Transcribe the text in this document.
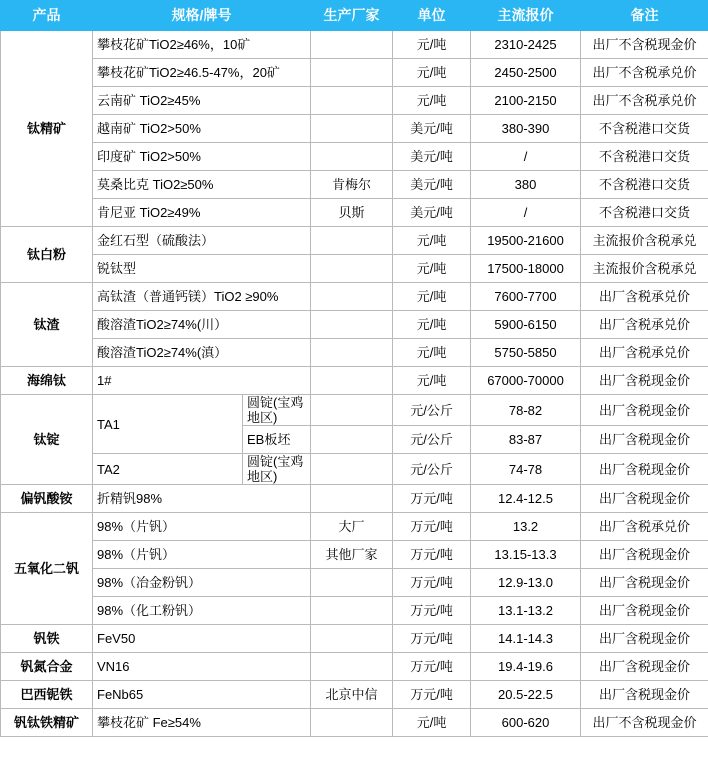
产品	规格/牌号		生产厂家	单位	主流报价	备注
钛精矿	攀枝花矿TiO2≥46%，10矿			元/吨	2310-2425	出厂不含税现金价
	攀枝花矿TiO2≥46.5-47%，20矿			元/吨	2450-2500	出厂不含税承兑价
	云南矿 TiO2≥45%			元/吨	2100-2150	出厂不含税承兑价
	越南矿 TiO2>50%			美元/吨	380-390	不含税港口交货
	印度矿 TiO2>50%			美元/吨	/	不含税港口交货
	莫桑比克 TiO2≥50%		肯梅尔	美元/吨	380	不含税港口交货
	肯尼亚 TiO2≥49%		贝斯	美元/吨	/	不含税港口交货
钛白粉	金红石型（硫酸法）			元/吨	19500-21600	主流报价含税承兑
	锐钛型			元/吨	17500-18000	主流报价含税承兑
钛渣	高钛渣（普通钙镁）TiO2 ≥90%			元/吨	7600-7700	出厂含税承兑价
	酸溶渣TiO2≥74%(川）			元/吨	5900-6150	出厂含税承兑价
	酸溶渣TiO2≥74%(滇）			元/吨	5750-5850	出厂含税承兑价
海绵钛	1#			元/吨	67000-70000	出厂含税现金价
钛锭	TA1	圆锭(宝鸡地区)		元/公斤	78-82	出厂含税现金价
		EB板坯		元/公斤	83-87	出厂含税现金价
	TA2	圆锭(宝鸡地区)		元/公斤	74-78	出厂含税现金价
偏钒酸铵	折精钒98%			万元/吨	12.4-12.5	出厂含税现金价
五氧化二钒	98%（片钒）		大厂	万元/吨	13.2	出厂含税承兑价
	98%（片钒）		其他厂家	万元/吨	13.15-13.3	出厂含税现金价
	98%（冶金粉钒）			万元/吨	12.9-13.0	出厂含税现金价
	98%（化工粉钒）			万元/吨	13.1-13.2	出厂含税现金价
钒铁	FeV50			万元/吨	14.1-14.3	出厂含税现金价
钒氮合金	VN16			万元/吨	19.4-19.6	出厂含税现金价
巴西铌铁	FeNb65		北京中信	万元/吨	20.5-22.5	出厂含税现金价
钒钛铁精矿	攀枝花矿 Fe≥54%			元/吨	600-620	出厂不含税现金价
